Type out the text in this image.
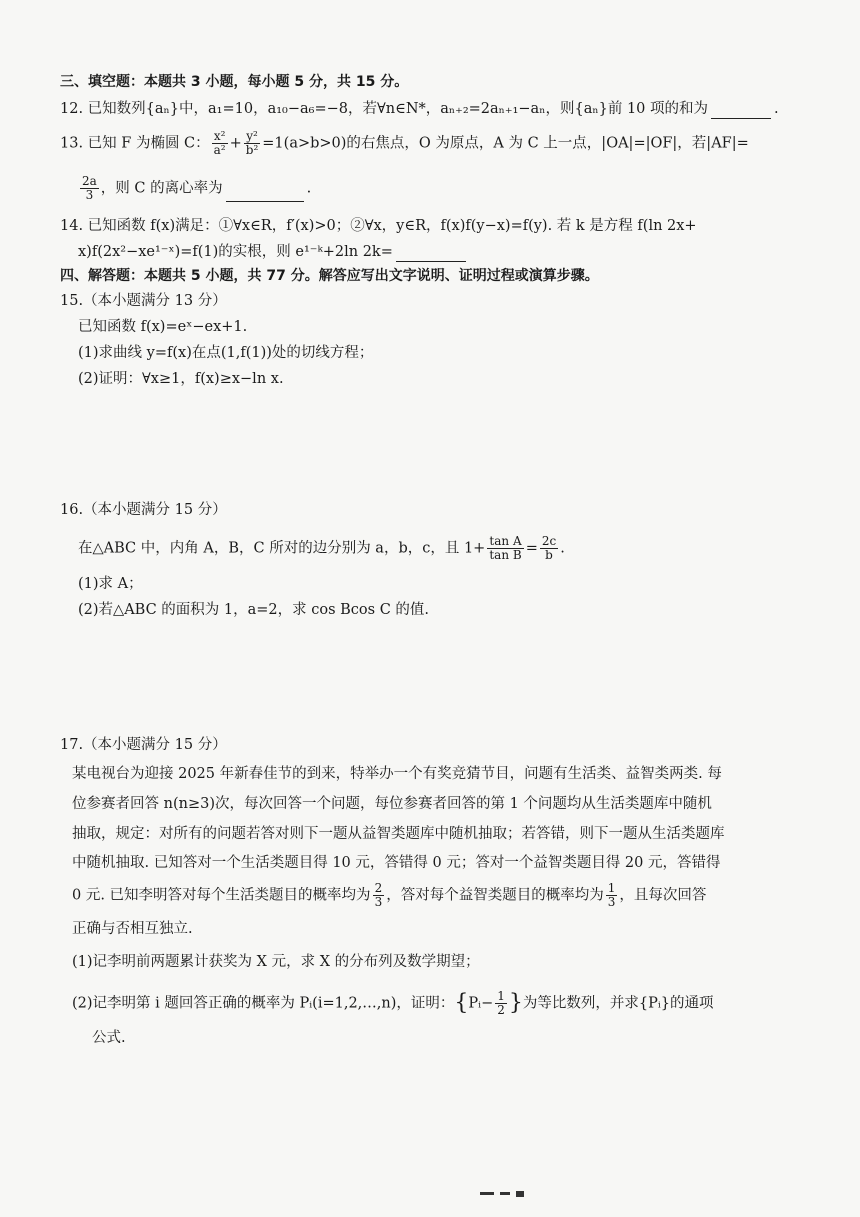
三、填空题：本题共 3 小题，每小题 5 分，共 15 分。
12. 已知数列{aₙ}中，a₁=10，a₁₀−a₆=−8，若∀n∈N*，aₙ₊₂=2aₙ₊₁−aₙ，则{aₙ}前 10 项的和为	.
13. 已知 F 为椭圆 C： $\frac{\text{x²}}{\text{a²}} + \frac{\text{y²}}{\text{b²}} =1(a>b>0)$的右焦点，O 为原点，A 为 C 上一点，|OA|=|OF|，若|AF|=
$\frac{2a}{3}$ ，则 C 的离心率为	.
14. 已知函数 f(x)满足：①∀x∈R，f′(x)>0；②∀x，y∈R，f(x)f(y−x)=f(y). 若 k 是方程 f(ln 2x+
x)f(2x²−xe¹⁻ˣ)=f(1)的实根，则 e¹⁻ᵏ+2ln 2k=
四、解答题：本题共 5 小题，共 77 分。解答应写出文字说明、证明过程或演算步骤。
15.（本小题满分 13 分）
已知函数 f(x)=eˣ−ex+1.
(1)求曲线 y=f(x)在点(1,f(1))处的切线方程；
(2)证明：∀x≥1，f(x)≥x−ln x.
16.（本小题满分 15 分）
在△ABC 中，内角 A，B，C 所对的边分别为 a，b，c，且 $1+ \frac{\text{tan A}}{\text{tan B}} = \frac{2c}{b}$ .
(1)求 A；
(2)若△ABC 的面积为 1，a=2，求 cos Bcos C 的值.
17.（本小题满分 15 分）
某电视台为迎接 2025 年新春佳节的到来，特举办一个有奖竞猜节目，问题有生活类、益智类两类. 每
位参赛者回答 n(n≥3)次，每次回答一个问题，每位参赛者回答的第 1 个问题均从生活类题库中随机
抽取，规定：对所有的问题若答对则下一题从益智类题库中随机抽取；若答错，则下一题从生活类题库
中随机抽取. 已知答对一个生活类题目得 10 元，答错得 0 元；答对一个益智类题目得 20 元，答错得
0 元. 已知李明答对每个生活类题目的概率均为 $\frac{2}{3}$ ，答对每个益智类题目的概率均为 $\frac{1}{3}$ ，且每次回答
正确与否相互独立.
(1)记李明前两题累计获奖为 X 元，求 X 的分布列及数学期望；
(2)记李明第 i 题回答正确的概率为 Pᵢ(i=1,2,…,n)，证明：{Pᵢ− $\frac{1}{2}$ }为等比数列，并求{Pᵢ}的通项
公式.
